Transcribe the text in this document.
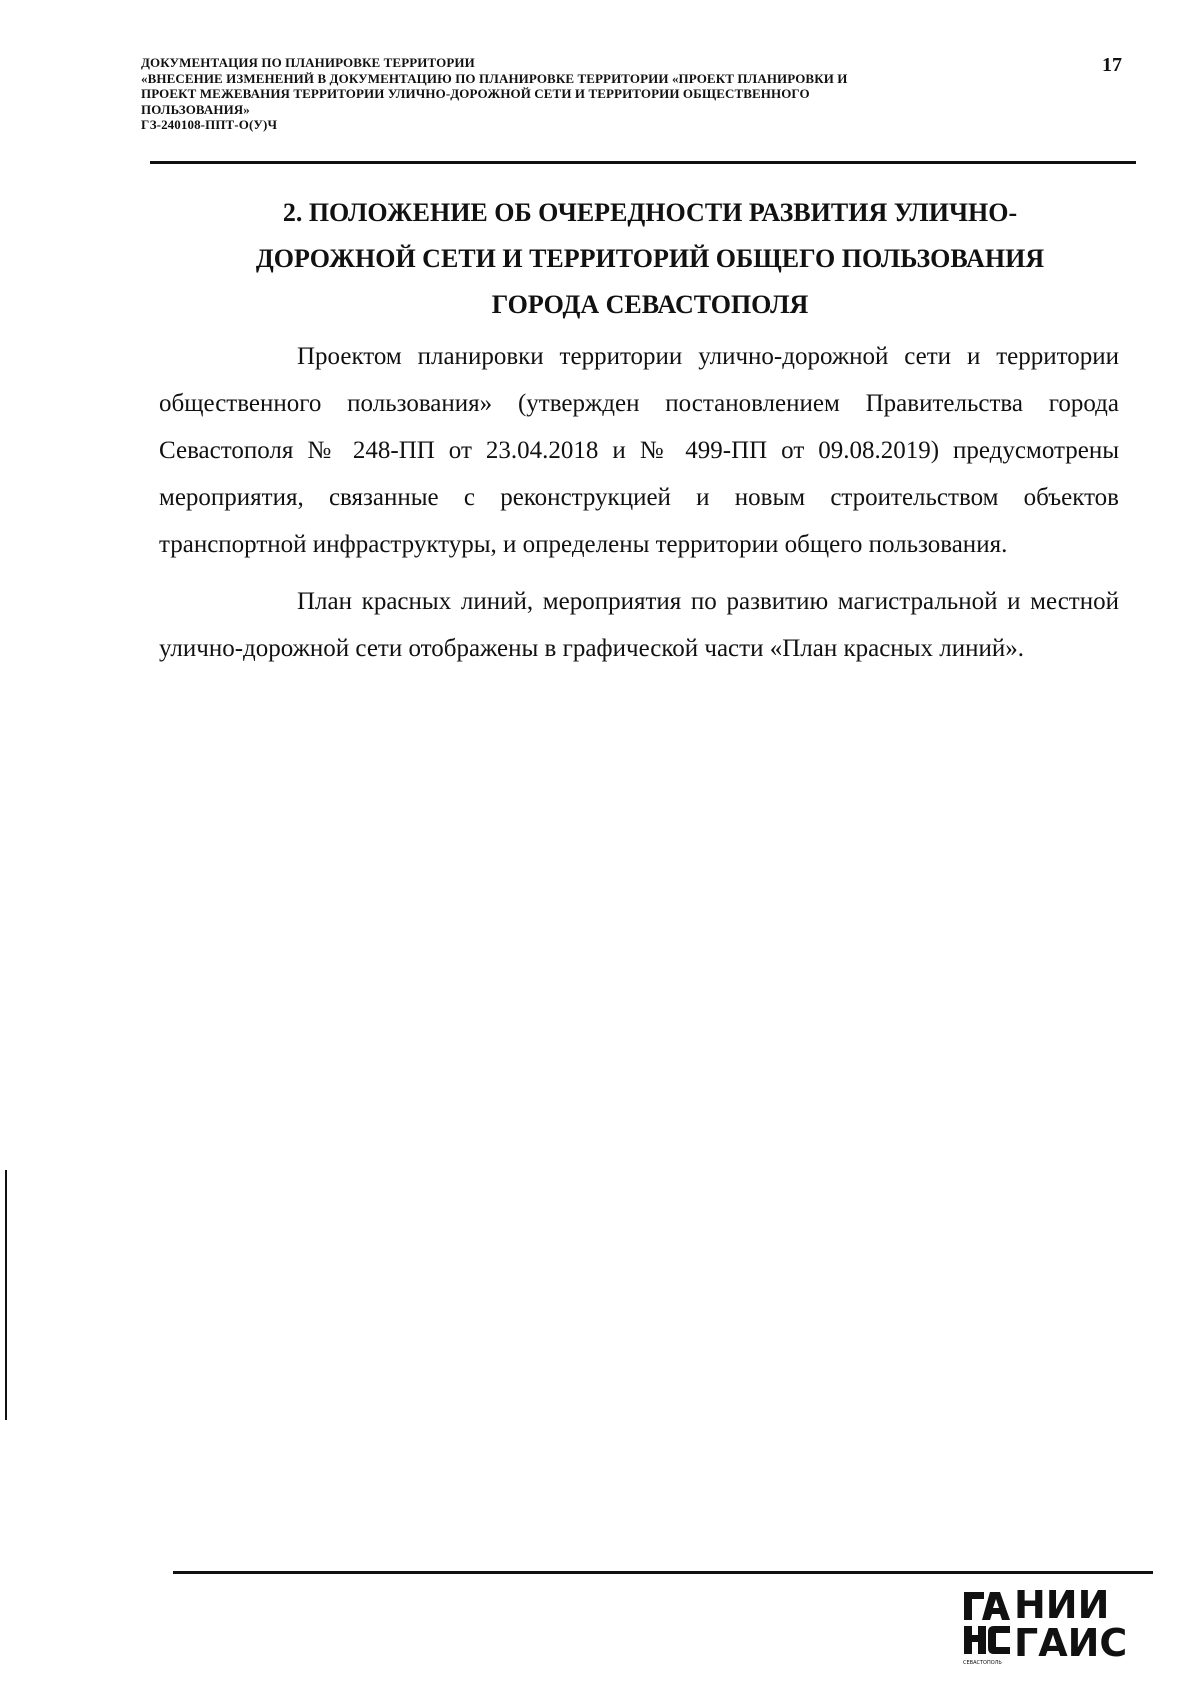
ДОКУМЕНТАЦИЯ ПО ПЛАНИРОВКЕ ТЕРРИТОРИИ
«ВНЕСЕНИЕ ИЗМЕНЕНИЙ В ДОКУМЕНТАЦИЮ ПО ПЛАНИРОВКЕ ТЕРРИТОРИИ «ПРОЕКТ ПЛАНИРОВКИ И
ПРОЕКТ МЕЖЕВАНИЯ ТЕРРИТОРИИ УЛИЧНО-ДОРОЖНОЙ СЕТИ И ТЕРРИТОРИИ ОБЩЕСТВЕННОГО
ПОЛЬЗОВАНИЯ»
ГЗ-240108-ППТ-О(У)Ч
17
2. ПОЛОЖЕНИЕ ОБ ОЧЕРЕДНОСТИ РАЗВИТИЯ УЛИЧНО-
ДОРОЖНОЙ СЕТИ И ТЕРРИТОРИЙ ОБЩЕГО ПОЛЬЗОВАНИЯ
ГОРОДА СЕВАСТОПОЛЯ
Проектом планировки территории улично-дорожной сети и территории
общественного пользования» (утвержден постановлением Правительства города
Севастополя № 248-ПП от 23.04.2018 и № 499-ПП от 09.08.2019) предусмотрены
мероприятия, связанные с реконструкцией и новым строительством объектов
транспортной инфраструктуры, и определены территории общего пользования.
План красных линий, мероприятия по развитию магистральной и местной
улично-дорожной сети отображены в графической части «План красных линий».
СЕВАСТОПОЛЬ
НИИ
ГАИС
